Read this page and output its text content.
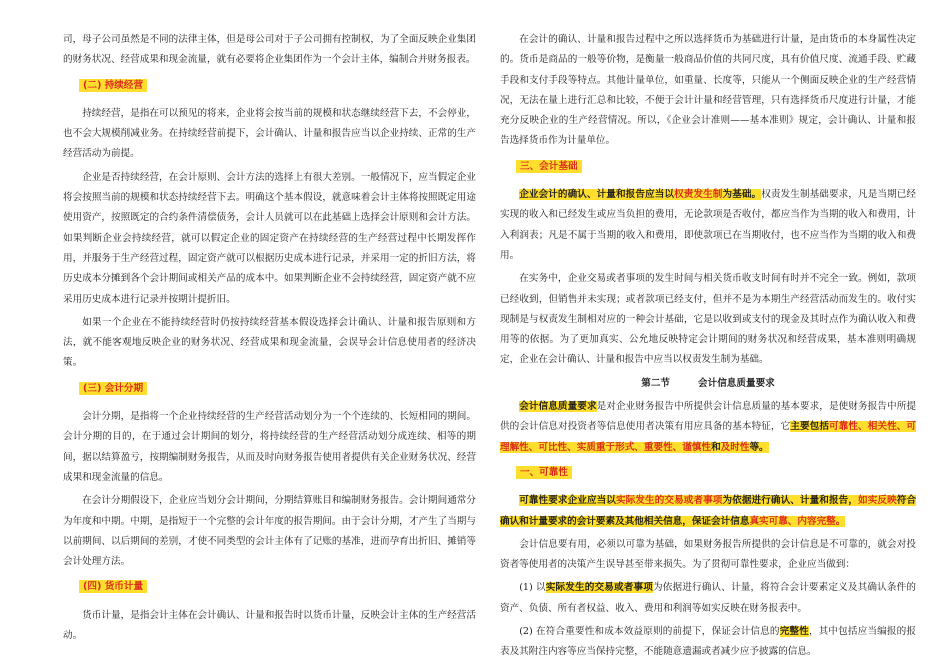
司，母子公司虽然是不同的法律主体，但是母公司对于子公司拥有控制权，为了全面反映企业集团的财务状况、经营成果和现金流量，就有必要将企业集团作为一个会计主体，编制合并财务报表。

(二) 持续经营

持续经营，是指在可以预见的将来，企业将会按当前的规模和状态继续经营下去，不会停业，也不会大规模削减业务。在持续经营前提下，会计确认、计量和报告应当以企业持续、正常的生产经营活动为前提。

企业是否持续经营，在会计原则、会计方法的选择上有很大差别。一般情况下，应当假定企业将会按照当前的规模和状态持续经营下去。明确这个基本假设，就意味着会计主体将按照既定用途使用资产，按照既定的合约条件清偿债务，会计人员就可以在此基础上选择会计原则和会计方法。如果判断企业会持续经营，就可以假定企业的固定资产在持续经营的生产经营过程中长期发挥作用，并服务于生产经营过程，固定资产就可以根据历史成本进行记录，并采用一定的折旧方法，将历史成本分摊到各个会计期间或相关产品的成本中。如果判断企业不会持续经营，固定资产就不应采用历史成本进行记录并按期计提折旧。

如果一个企业在不能持续经营时仍按持续经营基本假设选择会计确认、计量和报告原则和方法，就不能客观地反映企业的财务状况、经营成果和现金流量，会误导会计信息使用者的经济决策。

(三) 会计分期

会计分期，是指将一个企业持续经营的生产经营活动划分为一个个连续的、长短相同的期间。会计分期的目的，在于通过会计期间的划分，将持续经营的生产经营活动划分成连续、相等的期间，据以结算盈亏，按期编制财务报告，从而及时向财务报告使用者提供有关企业财务状况、经营成果和现金流量的信息。

在会计分期假设下，企业应当划分会计期间，分期结算账目和编制财务报告。会计期间通常分为年度和中期。中期，是指短于一个完整的会计年度的报告期间。由于会计分期，才产生了当期与以前期间、以后期间的差别，才使不同类型的会计主体有了记账的基准，进而孕育出折旧、摊销等会计处理方法。

(四) 货币计量

货币计量，是指会计主体在会计确认、计量和报告时以货币计量，反映会计主体的生产经营活动。

在会计的确认、计量和报告过程中之所以选择货币为基础进行计量，是由货币的本身属性决定的。货币是商品的一般等价物，是衡量一般商品价值的共同尺度，具有价值尺度、流通手段、贮藏手段和支付手段等特点。其他计量单位，如重量、长度等，只能从一个侧面反映企业的生产经营情况，无法在量上进行汇总和比较，不便于会计计量和经营管理，只有选择货币尺度进行计量，才能充分反映企业的生产经营情况。所以，《企业会计准则——基本准则》规定，会计确认、计量和报告选择货币作为计量单位。

三、会计基础

企业会计的确认、计量和报告应当以权责发生制为基础。权责发生制基础要求，凡是当期已经实现的收入和已经发生或应当负担的费用，无论款项是否收付，都应当作为当期的收入和费用，计入利润表；凡是不属于当期的收入和费用，即使款项已在当期收付，也不应当作为当期的收入和费用。

在实务中，企业交易或者事项的发生时间与相关货币收支时间有时并不完全一致。例如，款项已经收到，但销售并未实现；或者款项已经支付，但并不是为本期生产经营活动而发生的。收付实现制是与权责发生制相对应的一种会计基础，它是以收到或支付的现金及其时点作为确认收入和费用等的依据。为了更加真实、公允地反映特定会计期间的财务状况和经营成果，基本准则明确规定，企业在会计确认、计量和报告中应当以权责发生制为基础。

第二节	会计信息质量要求

会计信息质量要求是对企业财务报告中所提供会计信息质量的基本要求，是使财务报告中所提供的会计信息对投资者等信息使用者决策有用应具备的基本特征，它主要包括可靠性、相关性、可理解性、可比性、实质重于形式、重要性、谨慎性和及时性等。

一、可靠性

可靠性要求企业应当以实际发生的交易或者事项为依据进行确认、计量和报告，如实反映符合确认和计量要求的会计要素及其他相关信息，保证会计信息真实可靠、内容完整。

会计信息要有用，必须以可靠为基础，如果财务报告所提供的会计信息是不可靠的，就会对投资者等使用者的决策产生误导甚至带来损失。为了贯彻可靠性要求，企业应当做到：

(1) 以实际发生的交易或者事项为依据进行确认、计量，将符合会计要素定义及其确认条件的资产、负债、所有者权益、收入、费用和利润等如实反映在财务报表中。

(2) 在符合重要性和成本效益原则的前提下，保证会计信息的完整性，其中包括应当编报的报表及其附注内容等应当保持完整，不能随意遗漏或者减少应予披露的信息。
